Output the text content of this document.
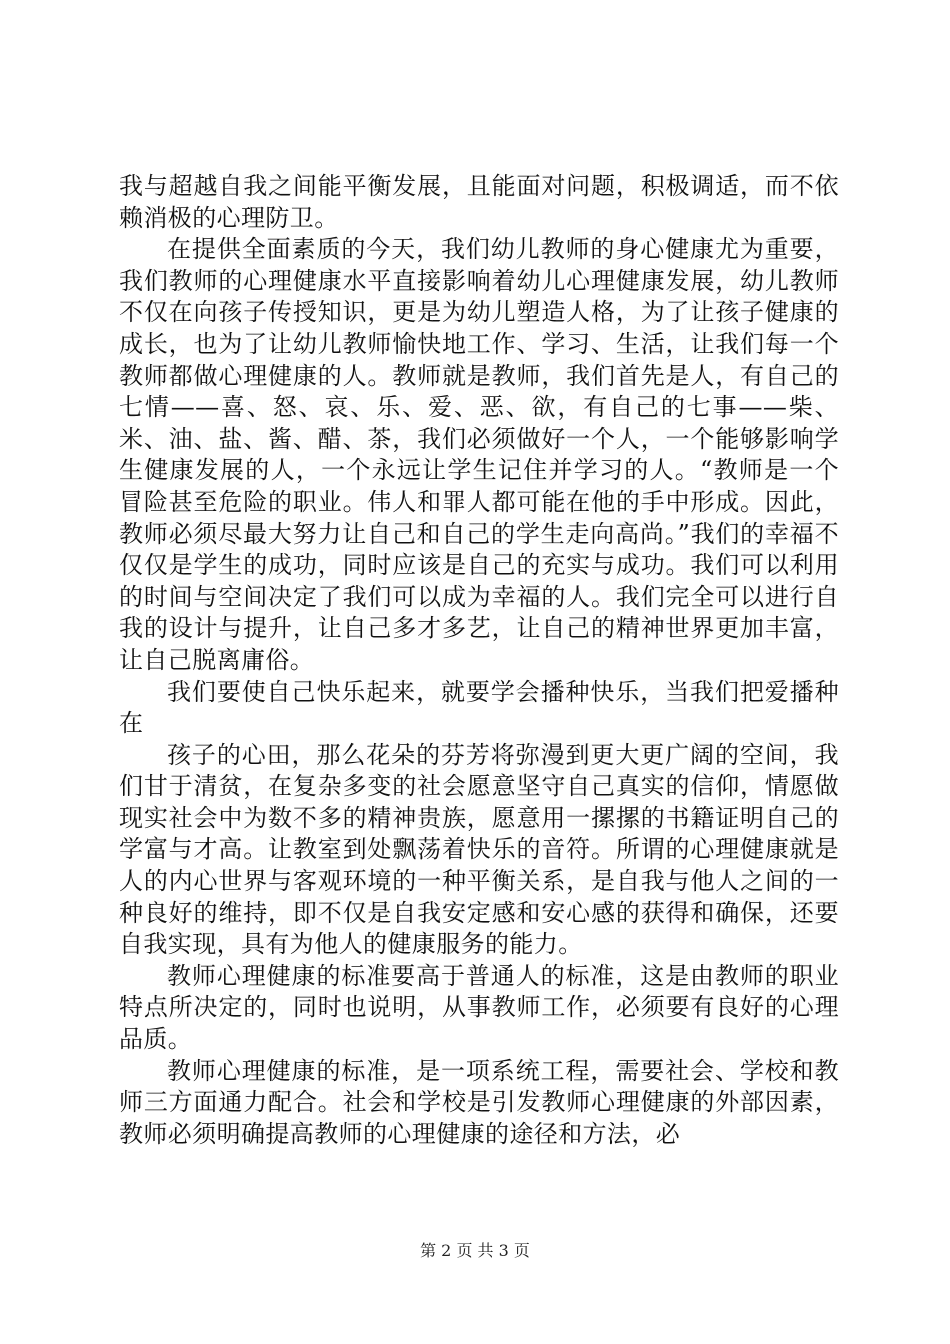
我与超越自我之间能平衡发展，且能面对问题，积极调适，而不依赖消极的心理防卫。

在提供全面素质的今天，我们幼儿教师的身心健康尤为重要，我们教师的心理健康水平直接影响着幼儿心理健康发展，幼儿教师不仅在向孩子传授知识，更是为幼儿塑造人格，为了让孩子健康的成长，也为了让幼儿教师愉快地工作、学习、生活，让我们每一个教师都做心理健康的人。教师就是教师，我们首先是人，有自己的七情——喜、怒、哀、乐、爱、恶、欲，有自己的七事——柴、米、油、盐、酱、醋、茶，我们必须做好一个人，一个能够影响学生健康发展的人，一个永远让学生记住并学习的人。“教师是一个冒险甚至危险的职业。伟人和罪人都可能在他的手中形成。因此，教师必须尽最大努力让自己和自己的学生走向高尚。”我们的幸福不仅仅是学生的成功，同时应该是自己的充实与成功。我们可以利用的时间与空间决定了我们可以成为幸福的人。我们完全可以进行自我的设计与提升，让自己多才多艺，让自己的精神世界更加丰富，让自己脱离庸俗。

我们要使自己快乐起来，就要学会播种快乐，当我们把爱播种在

孩子的心田，那么花朵的芬芳将弥漫到更大更广阔的空间，我们甘于清贫，在复杂多变的社会愿意坚守自己真实的信仰，情愿做现实社会中为数不多的精神贵族，愿意用一摞摞的书籍证明自己的学富与才高。让教室到处飘荡着快乐的音符。所谓的心理健康就是人的内心世界与客观环境的一种平衡关系，是自我与他人之间的一种良好的维持，即不仅是自我安定感和安心感的获得和确保，还要自我实现，具有为他人的健康服务的能力。

教师心理健康的标准要高于普通人的标准，这是由教师的职业特点所决定的，同时也说明，从事教师工作，必须要有良好的心理品质。

教师心理健康的标准，是一项系统工程，需要社会、学校和教师三方面通力配合。社会和学校是引发教师心理健康的外部因素，教师必须明确提高教师的心理健康的途径和方法，必

第 2 页 共 3 页
